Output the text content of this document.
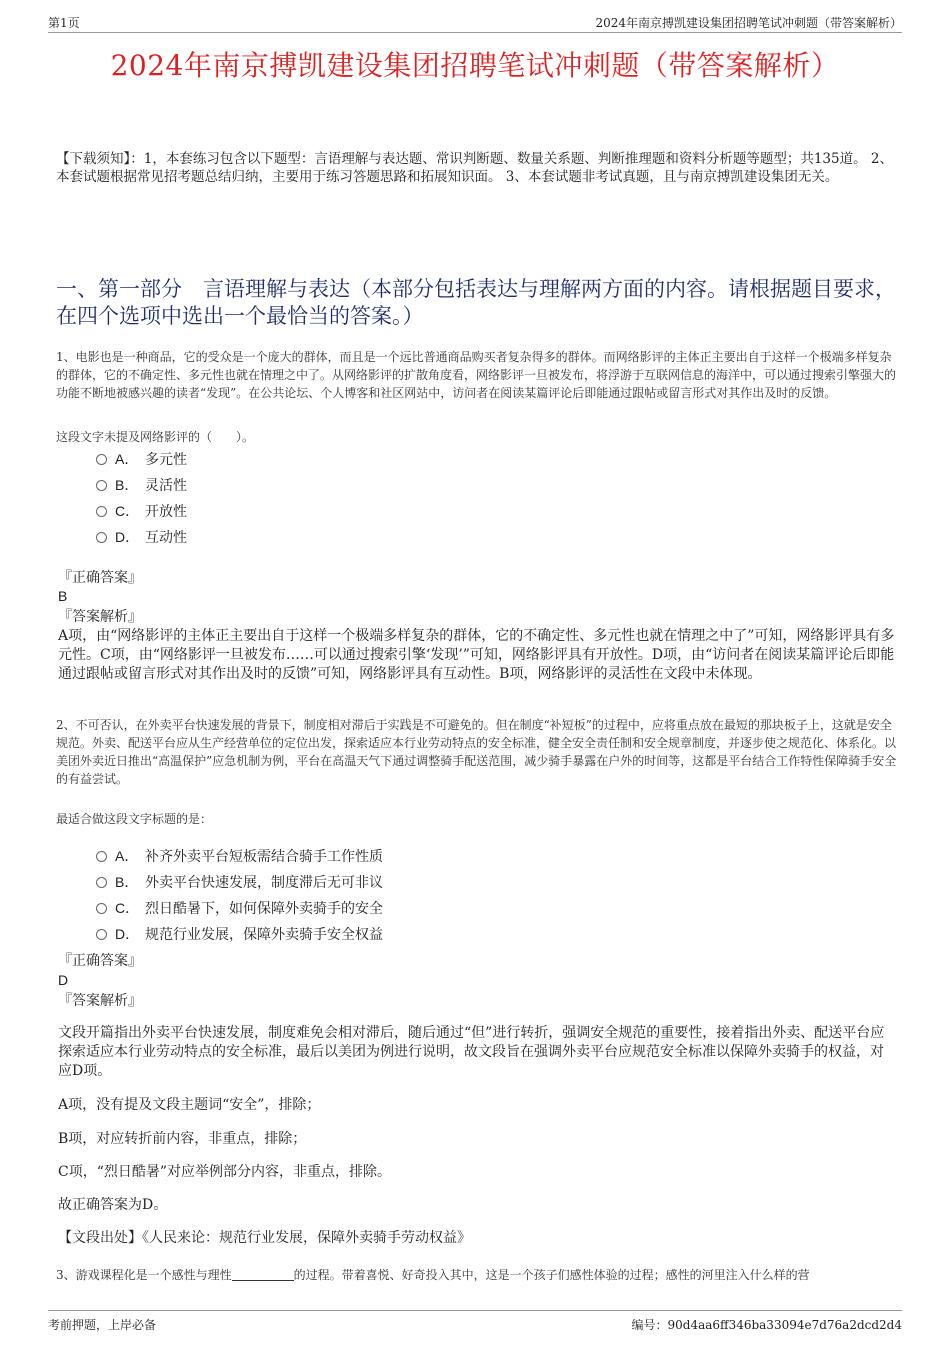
第1页	2024年南京搏凯建设集团招聘笔试冲刺题（带答案解析）
2024年南京搏凯建设集团招聘笔试冲刺题（带答案解析）
【下载须知】：1，本套练习包含以下题型：言语理解与表达题、常识判断题、数量关系题、判断推理题和资料分析题等题型；共135道。 2、本套试题根据常见招考题总结归纳，主要用于练习答题思路和拓展知识面。 3、本套试题非考试真题，且与南京搏凯建设集团无关。
一、第一部分　言语理解与表达（本部分包括表达与理解两方面的内容。请根据题目要求，在四个选项中选出一个最恰当的答案。）
1、电影也是一种商品，它的受众是一个庞大的群体，而且是一个远比普通商品购买者复杂得多的群体。而网络影评的主体正主要出自于这样一个极端多样复杂的群体，它的不确定性、多元性也就在情理之中了。从网络影评的扩散角度看，网络影评一旦被发布，将浮游于互联网信息的海洋中，可以通过搜索引擎强大的功能不断地被感兴趣的读者“发现”。在公共论坛、个人博客和社区网站中，访问者在阅读某篇评论后即能通过跟帖或留言形式对其作出及时的反馈。
这段文字未提及网络影评的（　　）。
A． 多元性
B． 灵活性
C． 开放性
D． 互动性
『正确答案』
B
『答案解析』
A项，由“网络影评的主体正主要出自于这样一个极端多样复杂的群体，它的不确定性、多元性也就在情理之中了”可知，网络影评具有多元性。C项，由“网络影评一旦被发布……可以通过搜索引擎‘发现’”可知，网络影评具有开放性。D项，由“访问者在阅读某篇评论后即能通过跟帖或留言形式对其作出及时的反馈”可知，网络影评具有互动性。B项，网络影评的灵活性在文段中未体现。
2、不可否认，在外卖平台快速发展的背景下，制度相对滞后于实践是不可避免的。但在制度“补短板”的过程中，应将重点放在最短的那块板子上，这就是安全规范。外卖、配送平台应从生产经营单位的定位出发，探索适应本行业劳动特点的安全标准，健全安全责任制和安全规章制度，并逐步使之规范化、体系化。以美团外卖近日推出“高温保护”应急机制为例，平台在高温天气下通过调整骑手配送范围，减少骑手暴露在户外的时间等，这都是平台结合工作特性保障骑手安全的有益尝试。
最适合做这段文字标题的是：
A． 补齐外卖平台短板需结合骑手工作性质
B． 外卖平台快速发展，制度滞后无可非议
C． 烈日酷暑下，如何保障外卖骑手的安全
D． 规范行业发展，保障外卖骑手安全权益
『正确答案』
D
『答案解析』
文段开篇指出外卖平台快速发展，制度难免会相对滞后，随后通过“但”进行转折，强调安全规范的重要性，接着指出外卖、配送平台应探索适应本行业劳动特点的安全标准，最后以美团为例进行说明，故文段旨在强调外卖平台应规范安全标准以保障外卖骑手的权益，对应D项。
A项，没有提及文段主题词“安全”，排除；
B项，对应转折前内容，非重点，排除；
C项，“烈日酷暑”对应举例部分内容，非重点，排除。
故正确答案为D。
【文段出处】《人民来论：规范行业发展，保障外卖骑手劳动权益》
3、游戏课程化是一个感性与理性	的过程。带着喜悦、好奇投入其中，这是一个孩子们感性体验的过程；感性的河里注入什么样的营
考前押题，上岸必备	编号：90d4aa6ff346ba33094e7d76a2dcd2d4
